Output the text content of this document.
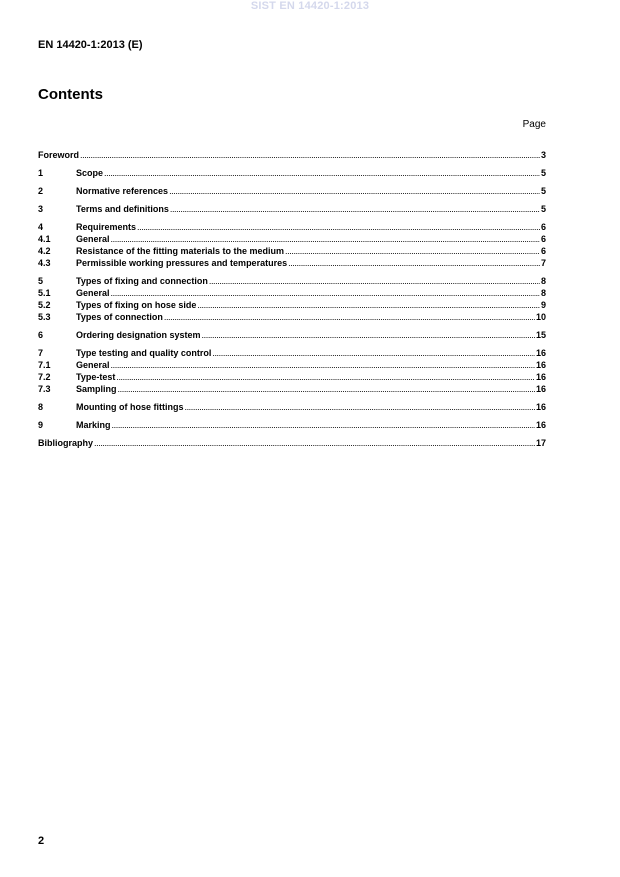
SIST EN 14420-1:2013
EN 14420-1:2013 (E)
Contents
Page
Foreword .....	3
1	Scope .....	5
2	Normative references .....	5
3	Terms and definitions .....	5
4	Requirements .....	6
4.1	General .....	6
4.2	Resistance of the fitting materials to the medium .....	6
4.3	Permissible working pressures and temperatures .....	7
5	Types of fixing and connection .....	8
5.1	General .....	8
5.2	Types of fixing on hose side .....	9
5.3	Types of connection .....	10
6	Ordering designation system .....	15
7	Type testing and quality control .....	16
7.1	General .....	16
7.2	Type-test .....	16
7.3	Sampling .....	16
8	Mounting of hose fittings .....	16
9	Marking .....	16
Bibliography .....	17
2
